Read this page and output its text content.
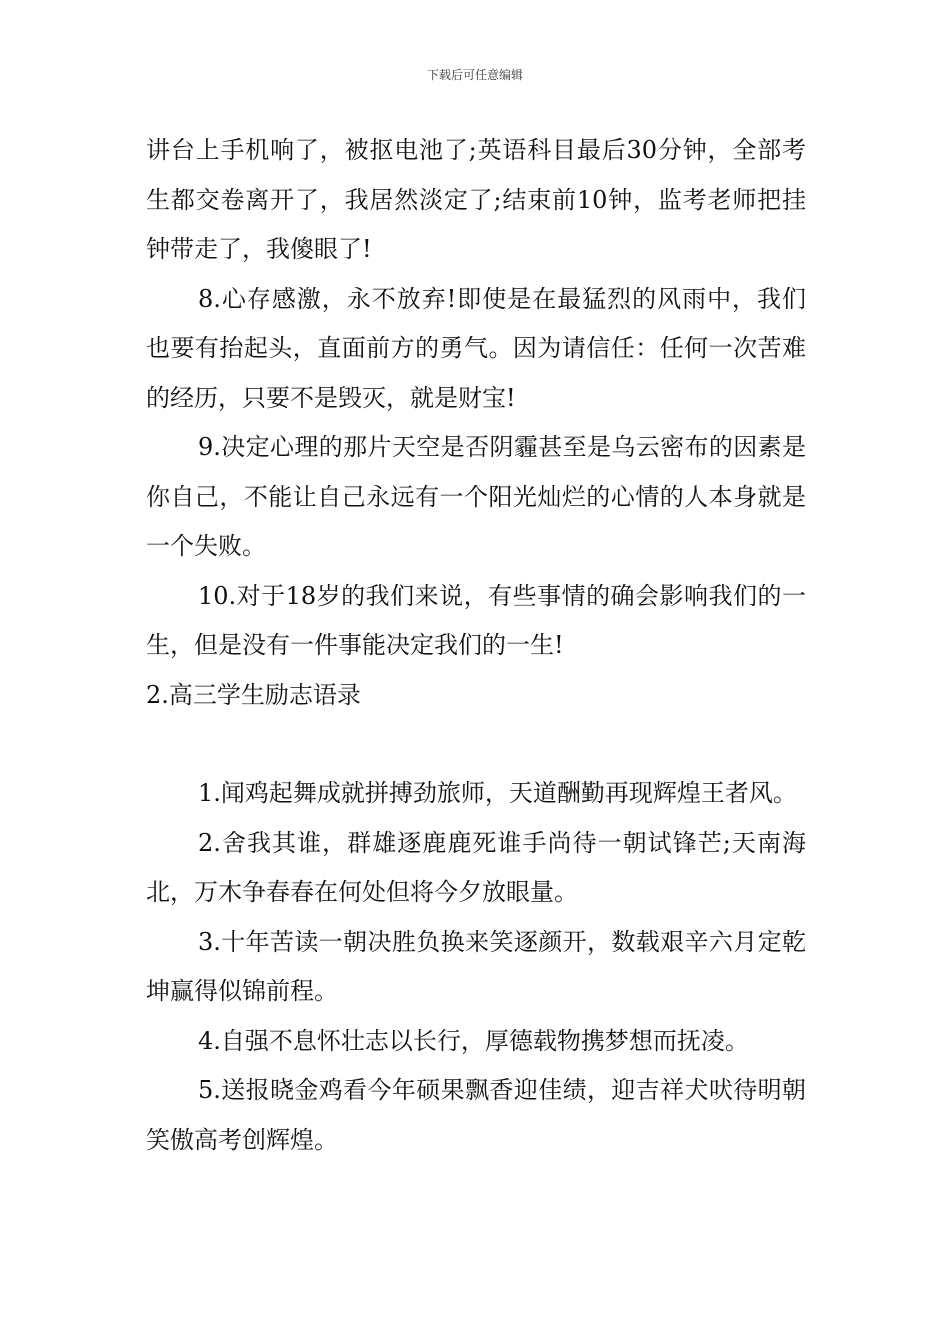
下载后可任意编辑

讲台上手机响了，被抠电池了;英语科目最后30分钟，全部考生都交卷离开了，我居然淡定了;结束前10钟，监考老师把挂钟带走了，我傻眼了!

8.心存感激，永不放弃!即使是在最猛烈的风雨中，我们也要有抬起头，直面前方的勇气。因为请信任：任何一次苦难的经历，只要不是毁灭，就是财宝!

9.决定心理的那片天空是否阴霾甚至是乌云密布的因素是你自己，不能让自己永远有一个阳光灿烂的心情的人本身就是一个失败。

10.对于18岁的我们来说，有些事情的确会影响我们的一生，但是没有一件事能决定我们的一生!

2.高三学生励志语录

1.闻鸡起舞成就拼搏劲旅师，天道酬勤再现辉煌王者风。

2.舍我其谁，群雄逐鹿鹿死谁手尚待一朝试锋芒;天南海北，万木争春春在何处但将今夕放眼量。

3.十年苦读一朝决胜负换来笑逐颜开，数载艰辛六月定乾坤赢得似锦前程。

4.自强不息怀壮志以长行，厚德载物携梦想而抚凌。

5.送报晓金鸡看今年硕果飘香迎佳绩，迎吉祥犬吠待明朝笑傲高考创辉煌。
